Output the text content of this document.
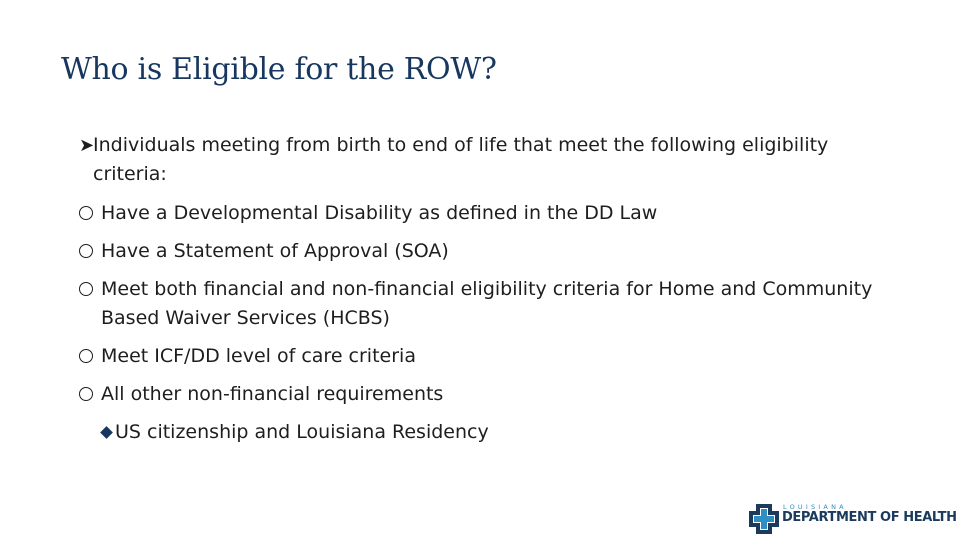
Who is Eligible for the ROW?
➤
Individuals meeting from birth to end of life that meet the following eligibility criteria:
Have a Developmental Disability as defined in the DD Law
Have a Statement of Approval (SOA)
Meet both financial and non-financial eligibility criteria for Home and Community Based Waiver Services (HCBS)
Meet ICF/DD level of care criteria
All other non-financial requirements
US citizenship and Louisiana Residency
LOUISIANA
DEPARTMENT OF HEALTH
